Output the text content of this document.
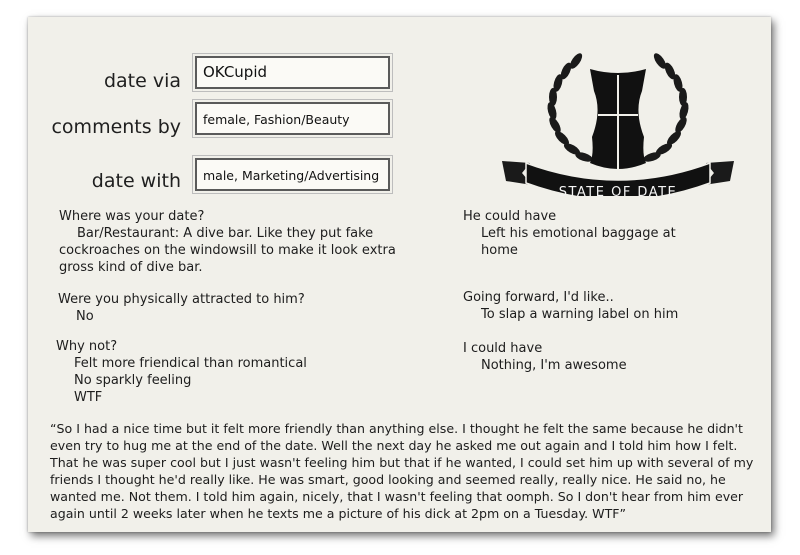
date via	OKCupid
comments by	female, Fashion/Beauty
date with	male, Marketing/Advertising
STATE OF DATE
Where was your date?
Bar/Restaurant: A dive bar. Like they put fake
cockroaches on the windowsill to make it look extra
gross kind of dive bar.
Were you physically attracted to him?
No
Why not?
Felt more friendical than romantical
No sparkly feeling
WTF
He could have
Left his emotional baggage at
home
Going forward, I'd like..
To slap a warning label on him
I could have
Nothing, I'm awesome
“So I had a nice time but it felt more friendly than anything else. I thought he felt the same because he didn't even try to hug me at the end of the date. Well the next day he asked me out again and I told him how I felt. That he was super cool but I just wasn't feeling him but that if he wanted, I could set him up with several of my friends I thought he'd really like. He was smart, good looking and seemed really, really nice. He said no, he wanted me. Not them. I told him again, nicely, that I wasn't feeling that oomph. So I don't hear from him ever again until 2 weeks later when he texts me a picture of his dick at 2pm on a Tuesday. WTF”
